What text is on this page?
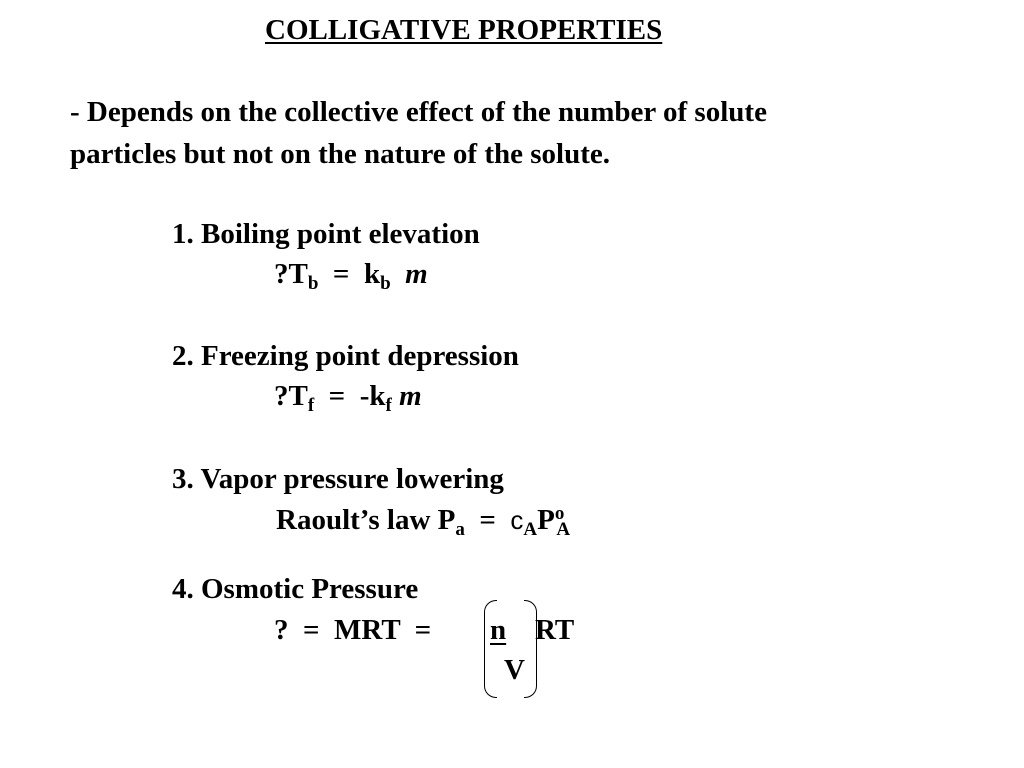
COLLIGATIVE PROPERTIES
- Depends on the collective effect of the number of solute
particles but not on the nature of the solute.
1. Boiling point elevation
$?T_b = k_b$ m
2. Freezing point depression
$?T_f = -k_f$ m
3. Vapor pressure lowering
Raoult’s law $P_a = c_AP^o_A$
4. Osmotic Pressure
?  =  MRT  = n RT
V
